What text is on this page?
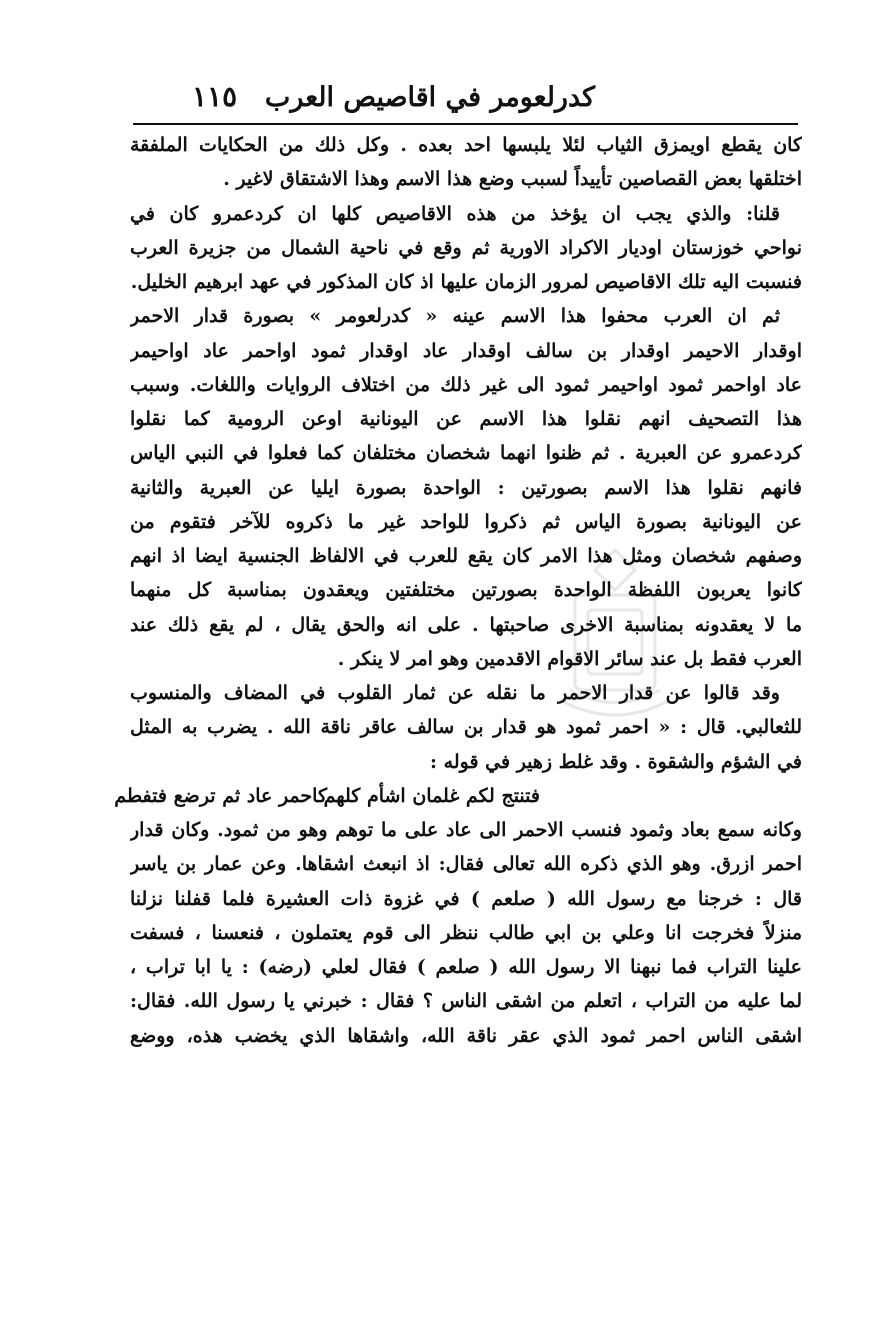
كدرلعومر في اقاصيص العرب
١١٥
كان يقطع اويمزق الثياب لئلا يلبسها احد بعده . وكل ذلك من الحكايات الملفقة
اختلقها بعض القصاصين تأييداً لسبب وضع هذا الاسم وهذا الاشتقاق لاغير .
قلنا: والذي يجب ان يؤخذ من هذه الاقاصيص كلها ان كردعمرو كان في
نواحي خوزستان اوديار الاكراد الاورية ثم وقع في ناحية الشمال من جزيرة العرب
فنسبت اليه تلك الاقاصيص لمرور الزمان عليها اذ كان المذكور في عهد ابرهيم الخليل.
ثم ان العرب محفوا هذا الاسم عينه « كدرلعومر » بصورة قدار الاحمر
اوقدار الاحيمر اوقدار بن سالف اوقدار عاد اوقدار ثمود اواحمر عاد اواحيمر
عاد اواحمر ثمود اواحيمر ثمود الى غير ذلك من اختلاف الروايات واللغات. وسبب
هذا التصحيف انهم نقلوا هذا الاسم عن اليونانية اوعن الرومية كما نقلوا
كردعمرو عن العبرية . ثم ظنوا انهما شخصان مختلفان كما فعلوا في النبي الياس
فانهم نقلوا هذا الاسم بصورتين : الواحدة بصورة ايليا عن العبرية والثانية
عن اليونانية بصورة الياس ثم ذكروا للواحد غير ما ذكروه للآخر فتقوم من
وصفهم شخصان ومثل هذا الامر كان يقع للعرب في الالفاظ الجنسية ايضا اذ انهم
كانوا يعربون اللفظة الواحدة بصورتين مختلفتين ويعقدون بمناسبة كل منهما
ما لا يعقدونه بمناسبة الاخرى صاحبتها . على انه والحق يقال ، لم يقع ذلك عند
العرب فقط بل عند سائر الاقوام الاقدمين وهو امر لا ينكر .
وقد قالوا عن قدار الاحمر ما نقله عن ثمار القلوب في المضاف والمنسوب
للثعالبي. قال : « احمر ثمود هو قدار بن سالف عاقر ناقة الله . يضرب به المثل
في الشؤم والشقوة . وقد غلط زهير في قوله :
فتنتج لكم غلمان اشأم كلهم
كاحمر عاد ثم ترضع فتفطم
وكانه سمع بعاد وثمود فنسب الاحمر الى عاد على ما توهم وهو من ثمود. وكان قدار
احمر ازرق. وهو الذي ذكره الله تعالى فقال: اذ انبعث اشقاها. وعن عمار بن ياسر
قال : خرجنا مع رسول الله ( صلعم ) في غزوة ذات العشيرة فلما قفلنا نزلنا
منزلاً فخرجت انا وعلي بن ابي طالب ننظر الى قوم يعتملون ، فنعسنا ، فسفت
علينا التراب فما نبهنا الا رسول الله ( صلعم ) فقال لعلي (رضه) : يا ابا تراب ،
لما عليه من التراب ، اتعلم من اشقى الناس ؟ فقال : خبرني يا رسول الله. فقال:
اشقى الناس احمر ثمود الذي عقر ناقة الله، واشقاها الذي يخضب هذه، ووضع
